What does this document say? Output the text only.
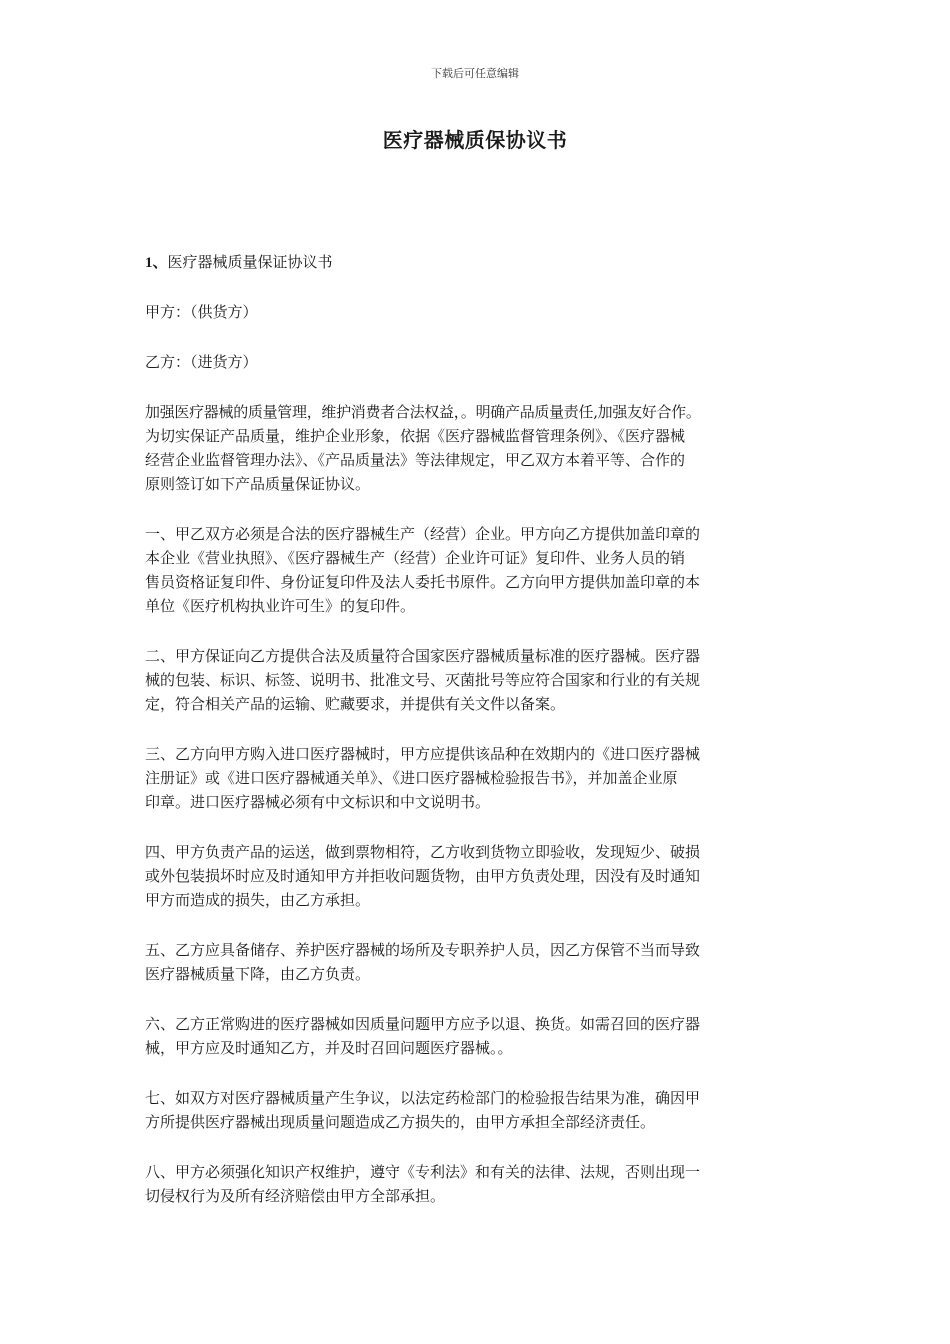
下载后可任意编辑
医疗器械质保协议书

1、医疗器械质量保证协议书

甲方：（供货方）

乙方：（进货方）

加强医疗器械的质量管理，维护消费者合法权益，。明确产品质量责任,加强友好合作。
为切实保证产品质量，维护企业形象，依据《医疗器械监督管理条例》、《医疗器械
经营企业监督管理办法》、《产品质量法》等法律规定，甲乙双方本着平等、合作的
原则签订如下产品质量保证协议。
一、甲乙双方必须是合法的医疗器械生产（经营）企业。甲方向乙方提供加盖印章的
本企业《营业执照》、《医疗器械生产（经营）企业许可证》复印件、业务人员的销
售员资格证复印件、身份证复印件及法人委托书原件。乙方向甲方提供加盖印章的本
单位《医疗机构执业许可生》的复印件。
二、甲方保证向乙方提供合法及质量符合国家医疗器械质量标准的医疗器械。医疗器
械的包装、标识、标签、说明书、批准文号、灭菌批号等应符合国家和行业的有关规
定，符合相关产品的运输、贮藏要求，并提供有关文件以备案。
三、乙方向甲方购入进口医疗器械时，甲方应提供该品种在效期内的《进口医疗器械
注册证》或《进口医疗器械通关单》、《进口医疗器械检验报告书》，并加盖企业原
印章。进口医疗器械必须有中文标识和中文说明书。
四、甲方负责产品的运送，做到票物相符，乙方收到货物立即验收，发现短少、破损
或外包装损坏时应及时通知甲方并拒收问题货物，由甲方负责处理，因没有及时通知
甲方而造成的损失，由乙方承担。
五、乙方应具备储存、养护医疗器械的场所及专职养护人员，因乙方保管不当而导致
医疗器械质量下降，由乙方负责。
六、乙方正常购进的医疗器械如因质量问题甲方应予以退、换货。如需召回的医疗器
械，甲方应及时通知乙方，并及时召回问题医疗器械。。
七、如双方对医疗器械质量产生争议，以法定药检部门的检验报告结果为准，确因甲
方所提供医疗器械出现质量问题造成乙方损失的，由甲方承担全部经济责任。
八、甲方必须强化知识产权维护，遵守《专利法》和有关的法律、法规，否则出现一
切侵权行为及所有经济赔偿由甲方全部承担。
